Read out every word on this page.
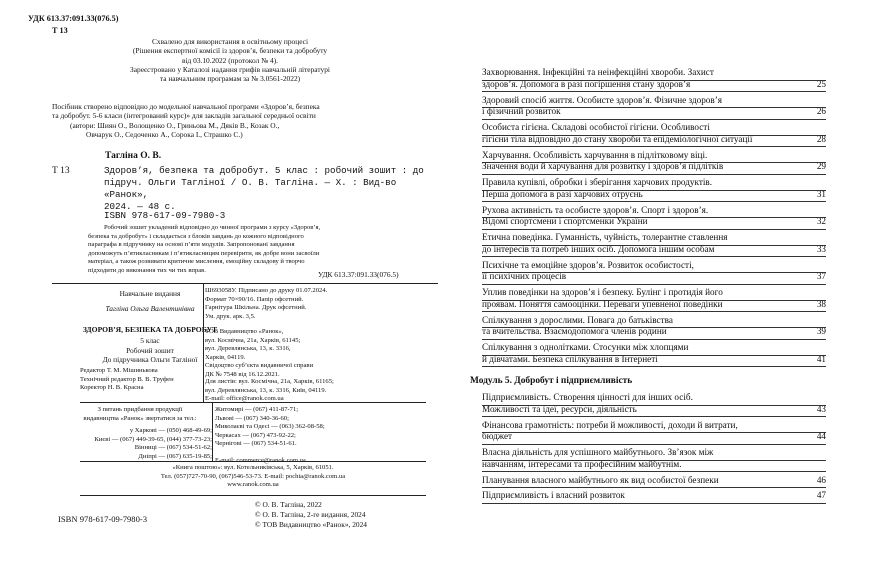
УДК 613.37:091.33(076.5)
Т 13
Схвалено для використання в освітньому процесі
(Рішення експертної комісії із здоров’я, безпеки та добробуту
від 03.10.2022 (протокол № 4).
Зареєстровано у Каталозі надання грифів навчальній літературі
та навчальним програмам за № 3.0561-2022)
Посібник створено відповідно до модельної навчальної програми «Здоров’я, безпека
та добробут. 5-6 класи (інтегрований курс)» для закладів загальної середньої освіти
(автори: Шиян О., Волощенко О., Гриньова М., Дяків В., Козак О.,
Овчарук О., Седоченко А., Сорока І., Страшко С.)
Тагліна О. В.
Т 13	Здоров’я, безпека та добробут. 5 клас : робочий зошит : до
підруч. Ольги Тагліної / О. В. Тагліна. — Х. : Вид-во «Ранок»,
2024. — 48 с.
ISBN 978-617-09-7980-3
Робочий зошит укладений відповідно до чинної програми з курсу «Здоров’я,
безпека та добробут» і складається з блоків завдань до кожного відповідного
параграфа в підручнику на основі п’яти модулів. Запропоновані завдання
допоможуть п’ятикласникам і п’ятикласницям перевірити, як добре вони засвоїли
матеріал, а також розвивати критичне мислення, емоційну складову й творчо
підходити до виконання тих чи тих вправ.	УДК 613.37:091.33(076.5)
Навчальне видання
Тагліна Ольга Валентинівна
ЗДОРОВ’Я, БЕЗПЕКА ТА ДОБРОБУТ
5 клас
Робочий зошит
До підручника Ольги Тагліної
Редактор Т. М. Мішинькова
Технічний редактор В. В. Труфен
Коректор Н. В. Красна
Ш693058У. Підписано до друку 01.07.2024.
Формат 70×90/16. Папір офсетний.
Гарнітура Шкільна. Друк офсетний.
Ум. друк. арк. 3,5.
ТОВ Видавництво «Ранок»,
вул. Космічна, 21а, Харків, 61145;
вул. Деревлянська, 13, к. 3316,
Харків, 04119.
Свідоцтво суб’єкта видавничої справи
ДК № 7548 від 16.12.2021.
Для листів: вул. Космічна, 21а, Харків, 61165;
вул. Деревлянська, 13, к. 3316, Київ, 04119.
E-mail: office@ranok.com.ua
З питань придбання продукції
видавництва «Ранок» звертатися за тел.:
у Харкові — (050) 468-49-69;
Києві — (067) 449-39-65, (044) 377-73-23;
Вінниці — (067) 534-51-62;
Дніпрі — (067) 635-19-85;
Житомирі — (067) 411-87-71;
Львові — (067) 340-36-60;
Миколаєві та Одесі — (063) 362-08-58;
Черкасах — (067) 473-92-22;
Чернігові — (067) 534-51-61.
E-mail: commerce@ranok.com.ua
«Книга поштою»: вул. Котельниківська, 5, Харків, 61051.
Тел. (057)727-70-90, (067)546-53-73. E-mail: pochta@ranok.com.ua
www.ranok.com.ua
© О. В. Тагліна, 2022
© О. В. Тагліна, 2-ге видання, 2024
© ТОВ Видавництво «Ранок», 2024
ISBN 978-617-09-7980-3
Захворювання. Інфекційні та неінфекційні хвороби. Захист
здоров’я. Допомога в разі погіршення стану здоров’я	25
Здоровий спосіб життя. Особисте здоров’я. Фізичне здоров’я
і фізичний розвиток	26
Особиста гігієна. Складові особистої гігієни. Особливості
гігієни тіла відповідно до стану хвороби та епідеміологічної ситуації	28
Харчування. Особливість харчування в підлітковому віці.
Значення води й харчування для розвитку і здоров’я підлітків	29
Правила купівлі, обробки і зберігання харчових продуктів.
Перша допомога в разі харчових отруєнь	31
Рухова активність та особисте здоров’я. Спорт і здоров’я.
Відомі спортсмени і спортсменки України	32
Етична поведінка. Гуманність, чуйність, толерантне ставлення
до інтересів та потреб інших осіб. Допомога іншим особам	33
Психічне та емоційне здоров’я. Розвиток особистості,
її психічних процесів	37
Уплив поведінки на здоров’я і безпеку. Булінг і протидія його
проявам. Поняття самооцінки. Переваги упевненої поведінки	38
Спілкування з дорослими. Повага до батьківства
та вчительства. Взаємодопомога членів родини	39
Спілкування з однолітками. Стосунки між хлопцями
й дівчатами. Безпека спілкування в Інтернеті	41
Модуль 5. Добробут і підприємливість
Підприємливість. Створення цінності для інших осіб.
Можливості та ідеї, ресурси, діяльність	43
Фінансова грамотність: потреби й можливості, доходи й витрати,
бюджет	44
Власна діяльність для успішного майбутнього. Зв’язок між
навчанням, інтересами та професійним майбутнім.
Планування власного майбутнього як вид особистої безпеки	46
Підприємливість і власний розвиток	47
